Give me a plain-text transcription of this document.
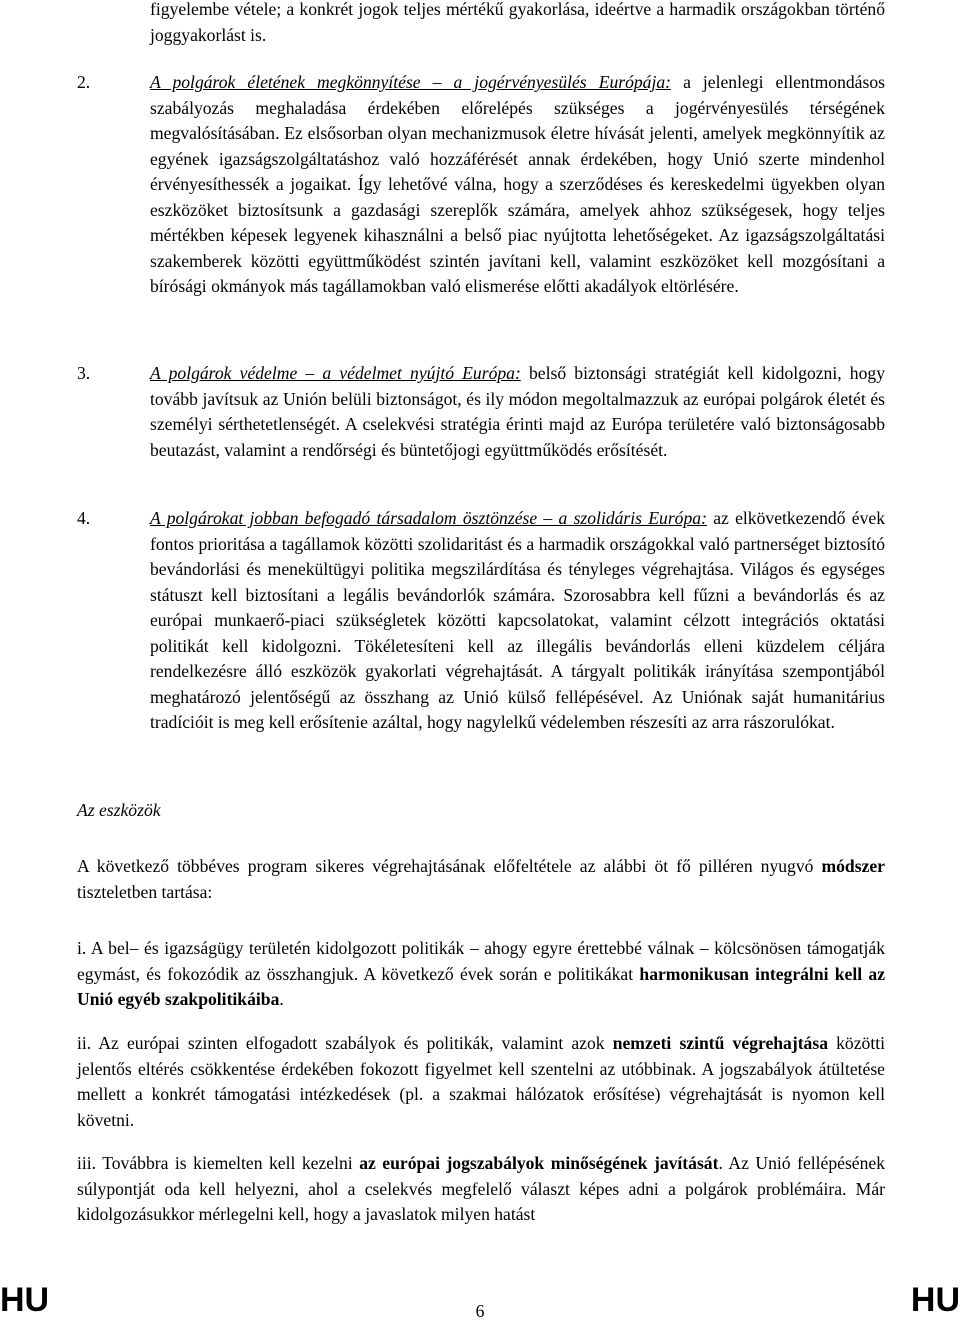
figyelembe vétele; a konkrét jogok teljes mértékű gyakorlása, ideértve a harmadik országokban történő joggyakorlást is.

2.	A polgárok életének megkönnyítése – a jogérvényesülés Európája: a jelenlegi ellentmondásos szabályozás meghaladása érdekében előrelépés szükséges a jogérvényesülés térségének megvalósításában. Ez elsősorban olyan mechanizmusok életre hívását jelenti, amelyek megkönnyítik az egyének igazságszolgáltatáshoz való hozzáférését annak érdekében, hogy Unió szerte mindenhol érvényesíthessék a jogaikat. Így lehetővé válna, hogy a szerződéses és kereskedelmi ügyekben olyan eszközöket biztosítsunk a gazdasági szereplők számára, amelyek ahhoz szükségesek, hogy teljes mértékben képesek legyenek kihasználni a belső piac nyújtotta lehetőségeket. Az igazságszolgáltatási szakemberek közötti együttműködést szintén javítani kell, valamint eszközöket kell mozgósítani a bírósági okmányok más tagállamokban való elismerése előtti akadályok eltörlésére.

3.	A polgárok védelme – a védelmet nyújtó Európa: belső biztonsági stratégiát kell kidolgozni, hogy tovább javítsuk az Unión belüli biztonságot, és ily módon megoltalmazzuk az európai polgárok életét és személyi sérthetetlenségét. A cselekvési stratégia érinti majd az Európa területére való biztonságosabb beutazást, valamint a rendőrségi és büntetőjogi együttműködés erősítését.

4.	A polgárokat jobban befogadó társadalom ösztönzése – a szolidáris Európa: az elkövetkezendő évek fontos prioritása a tagállamok közötti szolidaritást és a harmadik országokkal való partnerséget biztosító bevándorlási és menekültügyi politika megszilárdítása és tényleges végrehajtása. Világos és egységes státuszt kell biztosítani a legális bevándorlók számára. Szorosabbra kell fűzni a bevándorlás és az európai munkaerő-piaci szükségletek közötti kapcsolatokat, valamint célzott integrációs oktatási politikát kell kidolgozni. Tökéletesíteni kell az illegális bevándorlás elleni küzdelem céljára rendelkezésre álló eszközök gyakorlati végrehajtását. A tárgyalt politikák irányítása szempontjából meghatározó jelentőségű az összhang az Unió külső fellépésével. Az Uniónak saját humanitárius tradícióit is meg kell erősítenie azáltal, hogy nagylelkű védelemben részesíti az arra rászorulókat.

Az eszközök

A következő többéves program sikeres végrehajtásának előfeltétele az alábbi öt fő pilléren nyugvó módszer tiszteletben tartása:

i. A bel– és igazságügy területén kidolgozott politikák – ahogy egyre érettebbé válnak – kölcsönösen támogatják egymást, és fokozódik az összhangjuk. A következő évek során e politikákat harmonikusan integrálni kell az Unió egyéb szakpolitikáiba.

ii. Az európai szinten elfogadott szabályok és politikák, valamint azok nemzeti szintű végrehajtása közötti jelentős eltérés csökkentése érdekében fokozott figyelmet kell szentelni az utóbbinak. A jogszabályok átültetése mellett a konkrét támogatási intézkedések (pl. a szakmai hálózatok erősítése) végrehajtását is nyomon kell követni.

iii. Továbbra is kiemelten kell kezelni az európai jogszabályok minőségének javítását. Az Unió fellépésének súlypontját oda kell helyezni, ahol a cselekvés megfelelő választ képes adni a polgárok problémáira. Már kidolgozásukkor mérlegelni kell, hogy a javaslatok milyen hatást

HU	6	HU
